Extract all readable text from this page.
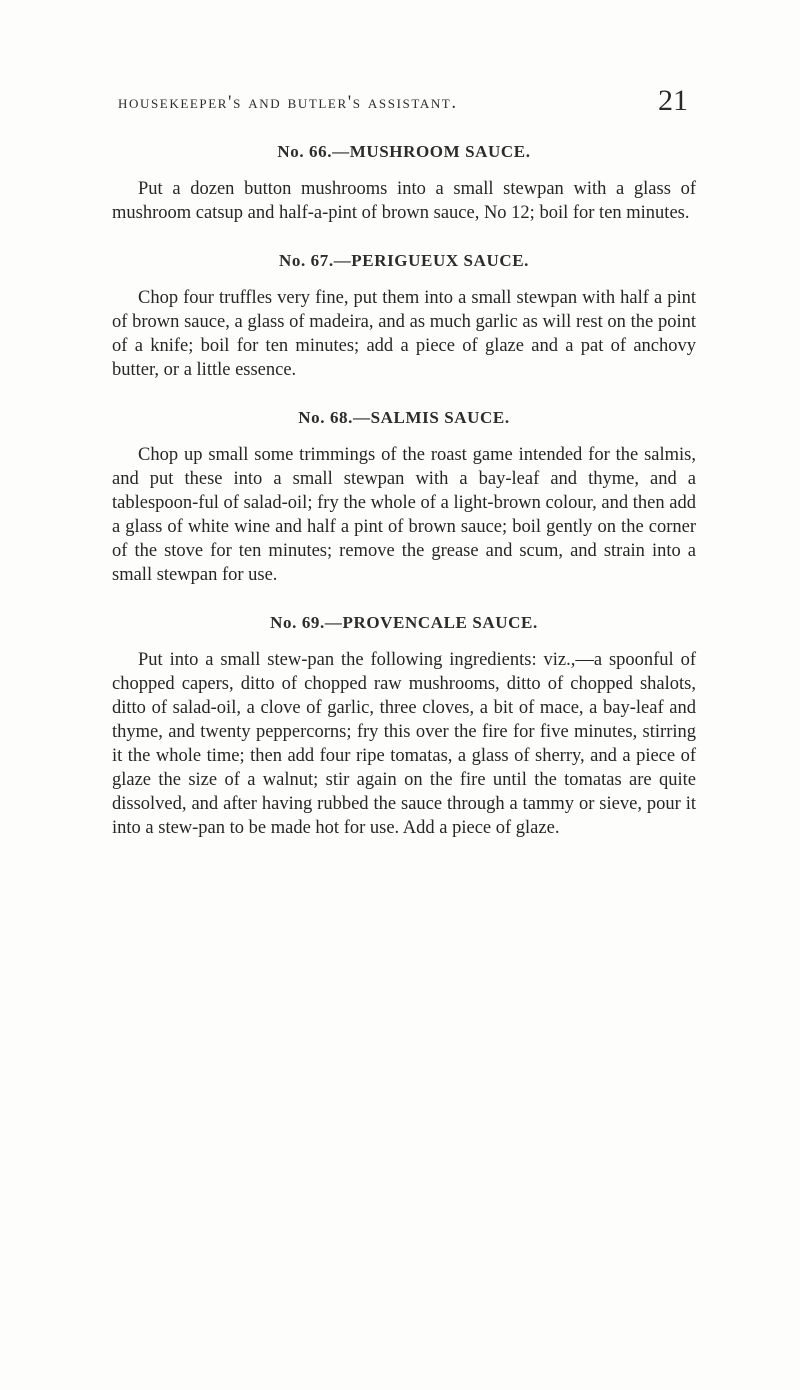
housekeeper's and butler's assistant.	21
No. 66.—MUSHROOM SAUCE.

Put a dozen button mushrooms into a small stewpan with a glass of mushroom catsup and half-a-pint of brown sauce, No 12; boil for ten minutes.

No. 67.—PERIGUEUX SAUCE.

Chop four truffles very fine, put them into a small stewpan with half a pint of brown sauce, a glass of madeira, and as much garlic as will rest on the point of a knife; boil for ten minutes; add a piece of glaze and a pat of anchovy butter, or a little essence.

No. 68.—SALMIS SAUCE.

Chop up small some trimmings of the roast game intended for the salmis, and put these into a small stewpan with a bay-leaf and thyme, and a tablespoon-ful of salad-oil; fry the whole of a light-brown colour, and then add a glass of white wine and half a pint of brown sauce; boil gently on the corner of the stove for ten minutes; remove the grease and scum, and strain into a small stewpan for use.

No. 69.—PROVENCALE SAUCE.

Put into a small stew-pan the following ingredients: viz.,—a spoonful of chopped capers, ditto of chopped raw mushrooms, ditto of chopped shalots, ditto of salad-oil, a clove of garlic, three cloves, a bit of mace, a bay-leaf and thyme, and twenty peppercorns; fry this over the fire for five minutes, stirring it the whole time; then add four ripe tomatas, a glass of sherry, and a piece of glaze the size of a walnut; stir again on the fire until the tomatas are quite dissolved, and after having rubbed the sauce through a tammy or sieve, pour it into a stew-pan to be made hot for use. Add a piece of glaze.
